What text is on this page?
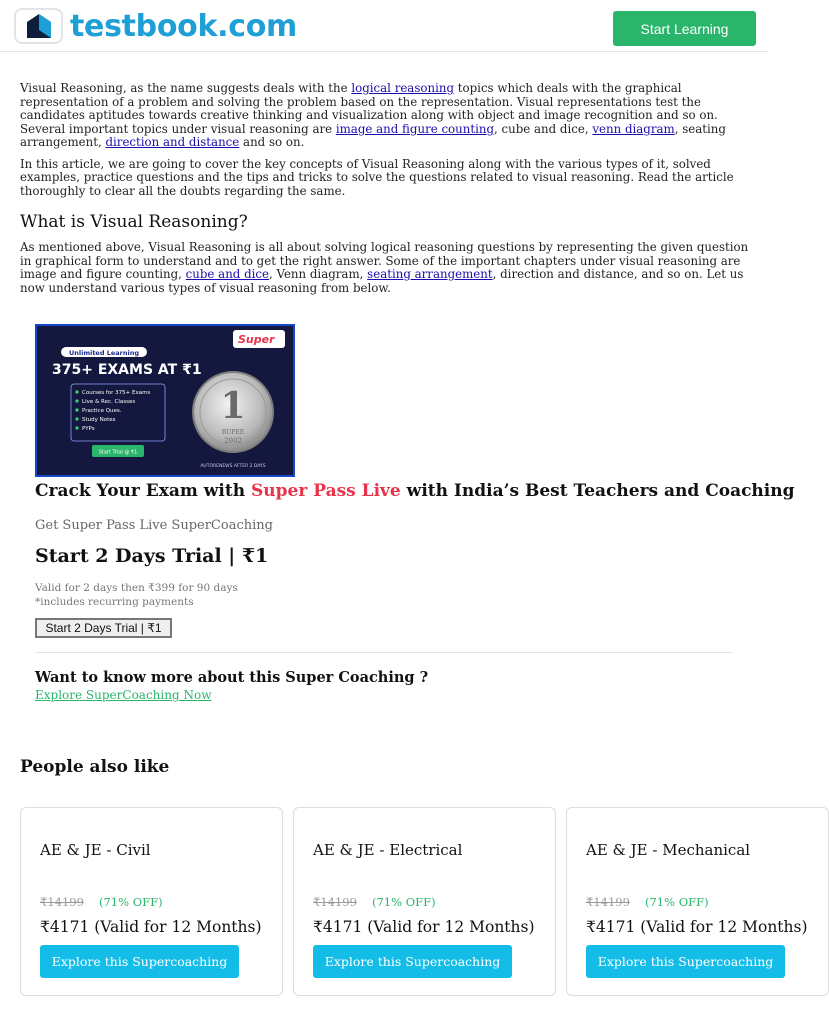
testbook.com	Start Learning

Visual Reasoning, as the name suggests deals with the logical reasoning topics which deals with the graphical representation of a problem and solving the problem based on the representation. Visual representations test the candidates aptitudes towards creative thinking and visualization along with object and image recognition and so on. Several important topics under visual reasoning are image and figure counting, cube and dice, venn diagram, seating arrangement, direction and distance and so on.

In this article, we are going to cover the key concepts of Visual Reasoning along with the various types of it, solved examples, practice questions and the tips and tricks to solve the questions related to visual reasoning. Read the article thoroughly to clear all the doubts regarding the same.

What is Visual Reasoning?

As mentioned above, Visual Reasoning is all about solving logical reasoning questions by representing the given question in graphical form to understand and to get the right answer. Some of the important chapters under visual reasoning are image and figure counting, cube and dice, Venn diagram, seating arrangement, direction and distance, and so on. Let us now understand various types of visual reasoning from below.

Unlimited Learning
375+ EXAMS AT ₹1
Courses for 375+ Exams
Live & Rec. Classes
Practice Ques.
Study Notes
PYPs
Start Trial @ ₹1
Super
1
RUPEE
2002
AUTORENEWS AFTER 2 DAYS
Crack Your Exam with Super Pass Live with India’s Best Teachers and Coaching
Get Super Pass Live SuperCoaching
Start 2 Days Trial | ₹1
Valid for 2 days then ₹399 for 90 days
*includes recurring payments
Start 2 Days Trial | ₹1
Want to know more about this Super Coaching ?
Explore SuperCoaching Now
People also like
AE & JE - Civil
₹14199 (71% OFF)
₹4171 (Valid for 12 Months)
Explore this Supercoaching
AE & JE - Electrical
₹14199 (71% OFF)
₹4171 (Valid for 12 Months)
Explore this Supercoaching
AE & JE - Mechanical
₹14199 (71% OFF)
₹4171 (Valid for 12 Months)
Explore this Supercoaching
